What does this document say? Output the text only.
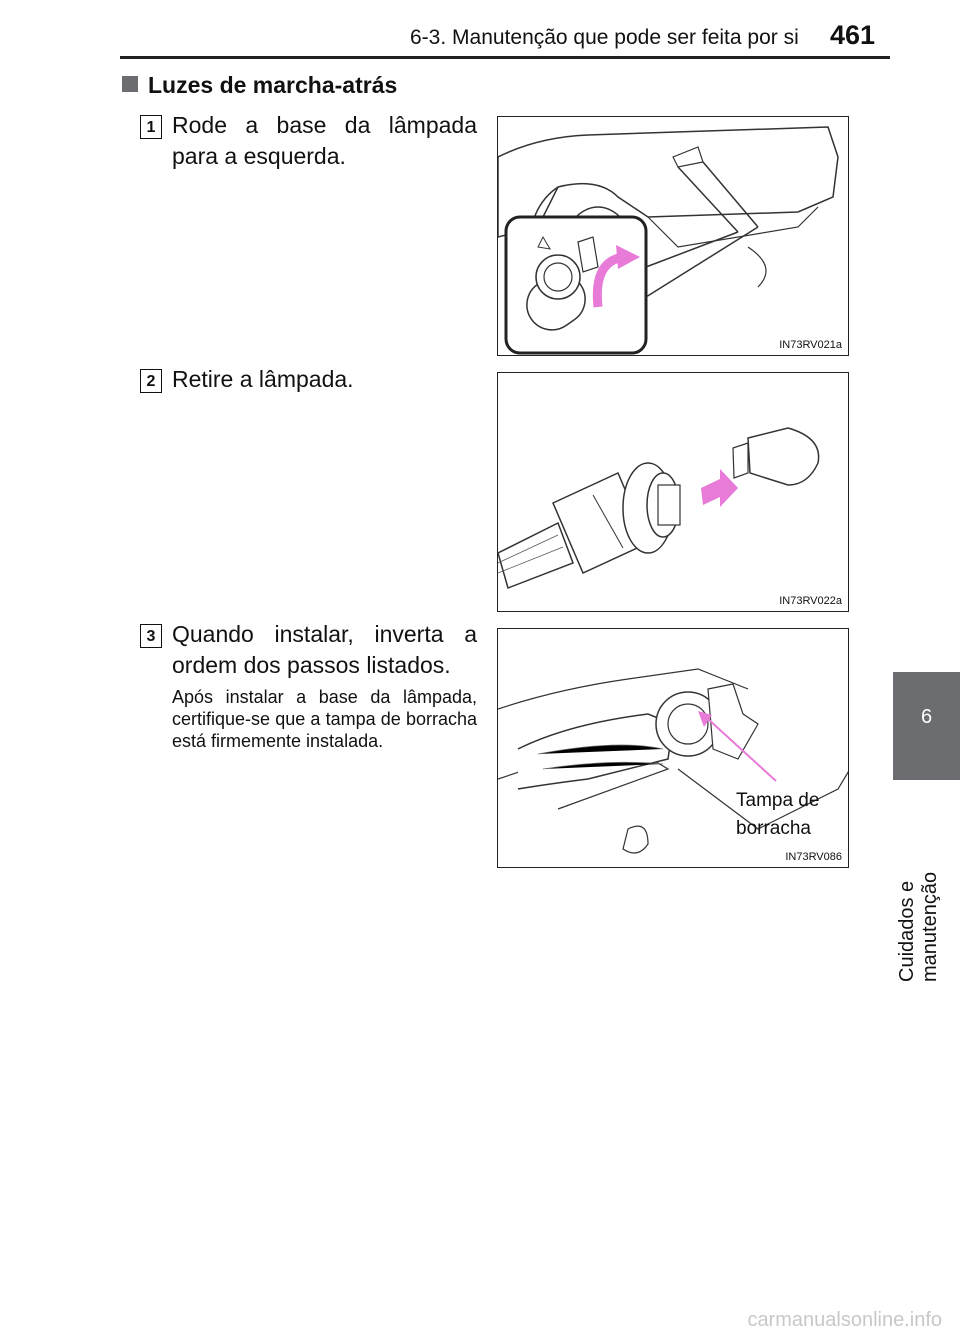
6-3. Manutenção que pode ser feita por si 461
6
Cuidados e manutenção
Luzes de marcha-atrás
1 Rode a base da lâmpada para a esquerda.
IN73RV021a
2 Retire a lâmpada.
IN73RV022a
3 Quando instalar, inverta a ordem dos passos listados.
Após instalar a base da lâmpada, certifique-se que a tampa de borracha está firmemente instalada.
Tampa de
borracha
IN73RV086
carmanualsonline.info
